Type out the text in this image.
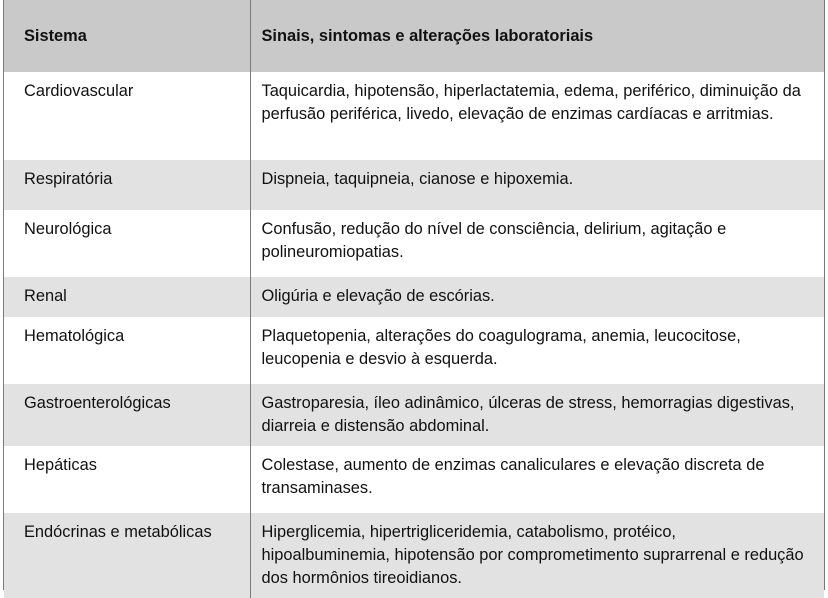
Sistema	Sinais, sintomas e alterações laboratoriais
Cardiovascular	Taquicardia, hipotensão, hiperlactatemia, edema, periférico, diminuição da perfusão periférica, livedo, elevação de enzimas cardíacas e arritmias.
Respiratória	Dispneia, taquipneia, cianose e hipoxemia.
Neurológica	Confusão, redução do nível de consciência, delirium, agitação e polineuromiopatias.
Renal	Oligúria e elevação de escórias.
Hematológica	Plaquetopenia, alterações do coagulograma, anemia, leucocitose, leucopenia e desvio à esquerda.
Gastroenterológicas	Gastroparesia, íleo adinâmico, úlceras de stress, hemorragias digestivas, diarreia e distensão abdominal.
Hepáticas	Colestase, aumento de enzimas canaliculares e elevação discreta de transaminases.
Endócrinas e metabólicas	Hiperglicemia, hipertrigliceridemia, catabolismo, protéico, hipoalbuminemia, hipotensão por comprometimento suprarrenal e redução dos hormônios tireoidianos.
